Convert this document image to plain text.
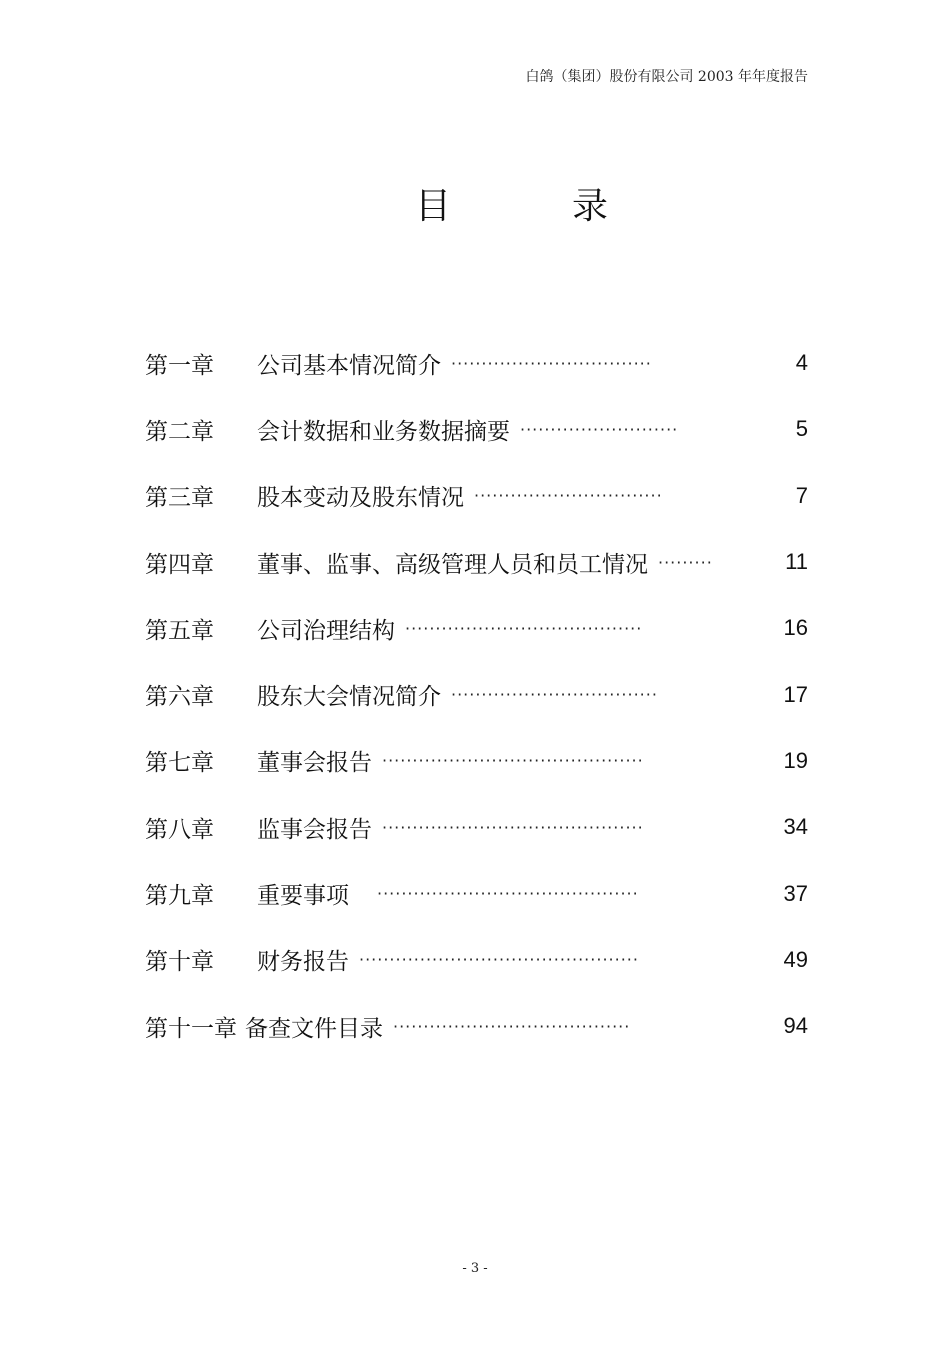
白鸽（集团）股份有限公司 2003 年年度报告
目	录
第一章	公司基本情况简介 ·································	4
第二章	会计数据和业务数据摘要 ··························	5
第三章	股本变动及股东情况 ·······························	7
第四章	董事、监事、高级管理人员和员工情况 ·········	11
第五章	公司治理结构 ·······································	16
第六章	股东大会情况简介 ··································	17
第七章	董事会报告 ···········································	19
第八章	监事会报告 ···········································	34
第九章	重要事项	···········································	37
第十章	财务报告 ··············································	49
第十一章 备查文件目录 ·······································	94
- 3 -
